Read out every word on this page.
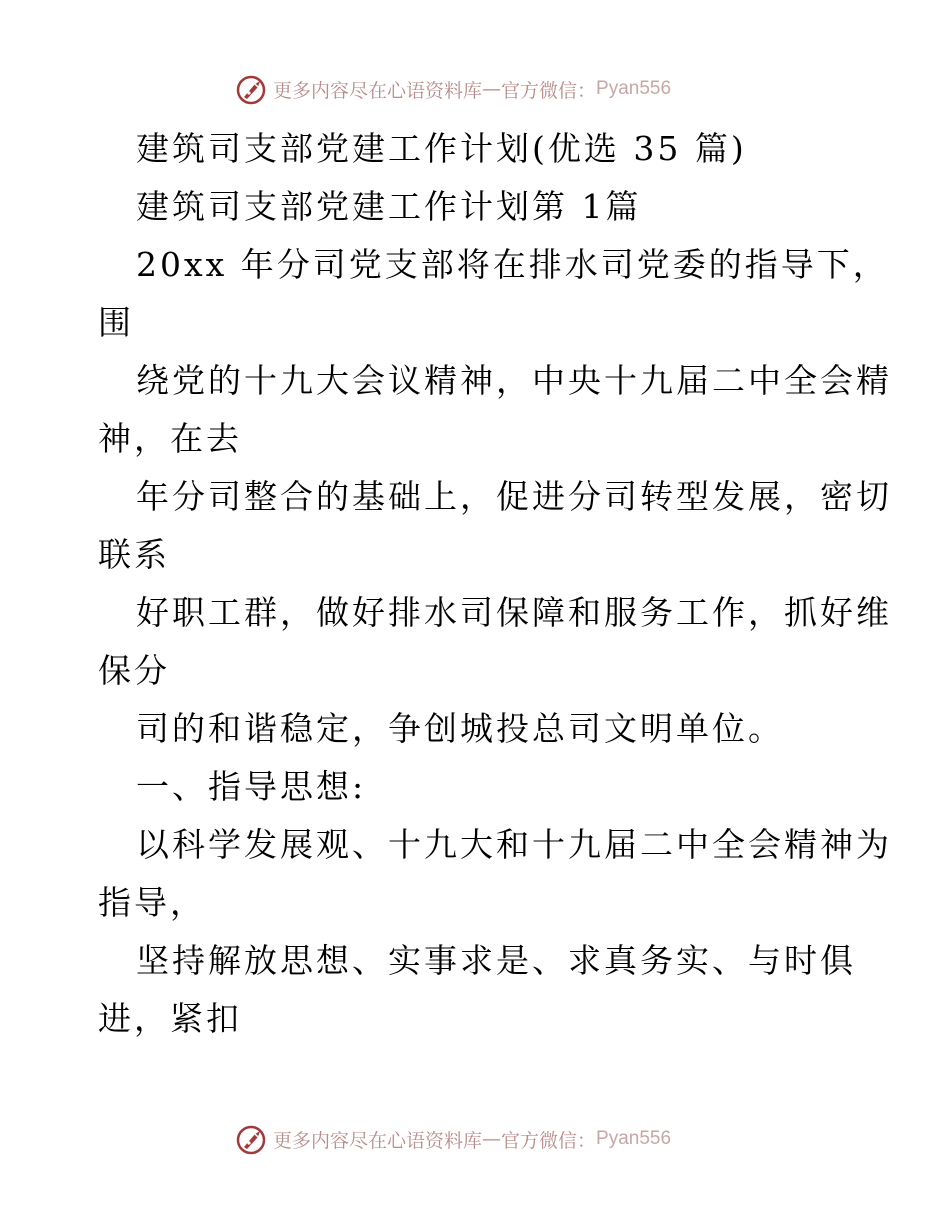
更多内容尽在心语资料库 — 官方微信： Pyan556
建筑司支部党建工作计划(优选 35 篇)
建筑司支部党建工作计划第 1篇
20xx 年分司党支部将在排水司党委的指导下，
围
绕党的十九大会议精神，中央十九届二中全会精
神，在去
年分司整合的基础上，促进分司转型发展，密切
联系
好职工群，做好排水司保障和服务工作，抓好维
保分
司的和谐稳定，争创城投总司文明单位。
一、指导思想:
以科学发展观、十九大和十九届二中全会精神为
指导，
坚持解放思想、实事求是、求真务实、与时俱
进，紧扣
更多内容尽在心语资料库 — 官方微信： Pyan556
